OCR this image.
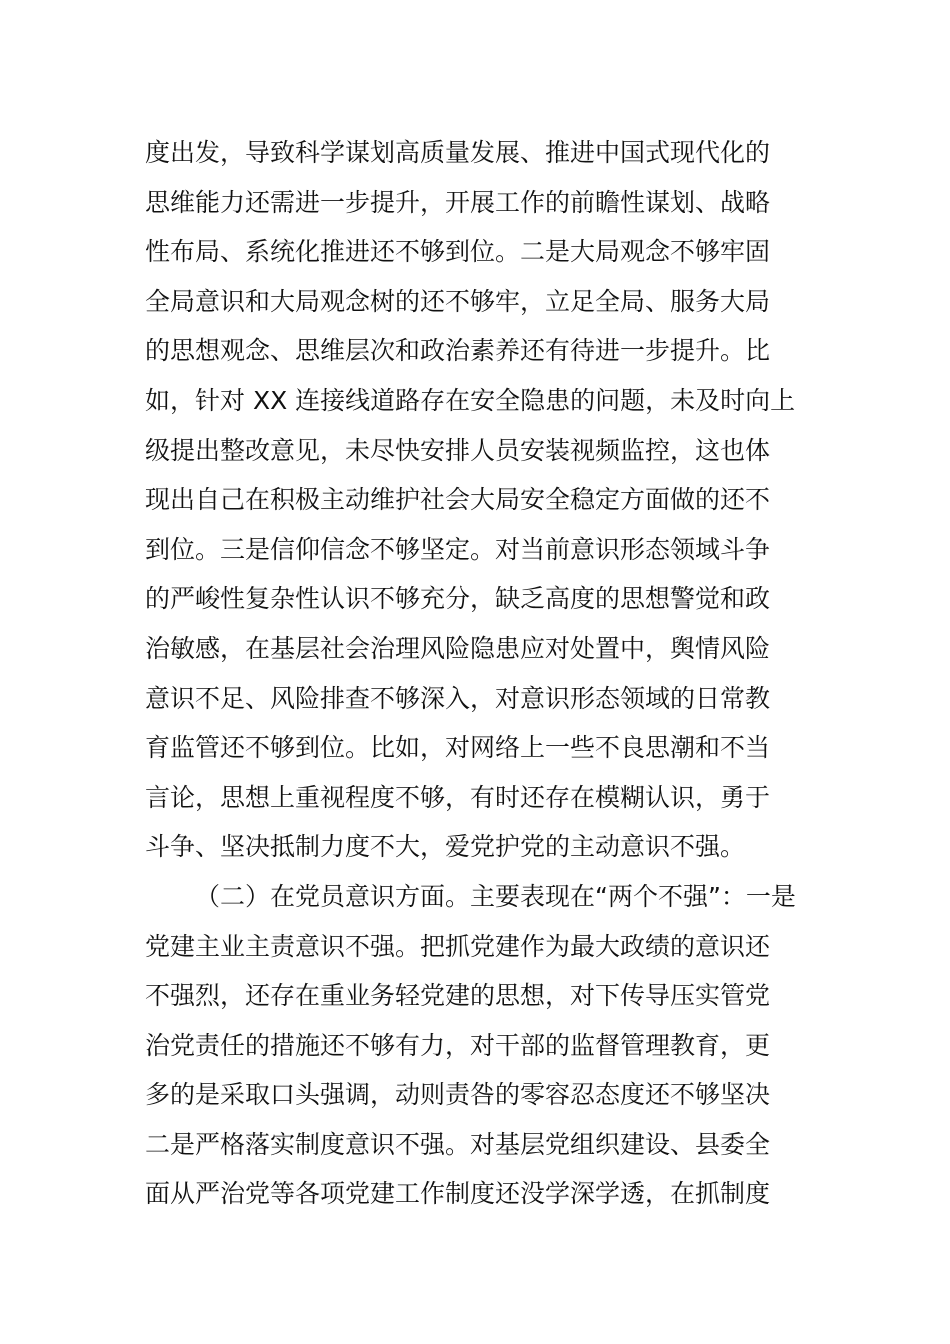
度出发，导致科学谋划高质量发展、推进中国式现代化的
思维能力还需进一步提升，开展工作的前瞻性谋划、战略
性布局、系统化推进还不够到位。二是大局观念不够牢固
全局意识和大局观念树的还不够牢，立足全局、服务大局
的思想观念、思维层次和政治素养还有待进一步提升。比
如，针对 XX 连接线道路存在安全隐患的问题，未及时向上
级提出整改意见，未尽快安排人员安装视频监控，这也体
现出自己在积极主动维护社会大局安全稳定方面做的还不
到位。三是信仰信念不够坚定。对当前意识形态领域斗争
的严峻性复杂性认识不够充分，缺乏高度的思想警觉和政
治敏感，在基层社会治理风险隐患应对处置中，舆情风险
意识不足、风险排查不够深入，对意识形态领域的日常教
育监管还不够到位。比如，对网络上一些不良思潮和不当
言论，思想上重视程度不够，有时还存在模糊认识，勇于
斗争、坚决抵制力度不大，爱党护党的主动意识不强。
（二）在党员意识方面。主要表现在“两个不强”：一是
党建主业主责意识不强。把抓党建作为最大政绩的意识还
不强烈，还存在重业务轻党建的思想，对下传导压实管党
治党责任的措施还不够有力，对干部的监督管理教育，更
多的是采取口头强调，动则责咎的零容忍态度还不够坚决
二是严格落实制度意识不强。对基层党组织建设、县委全
面从严治党等各项党建工作制度还没学深学透，在抓制度
